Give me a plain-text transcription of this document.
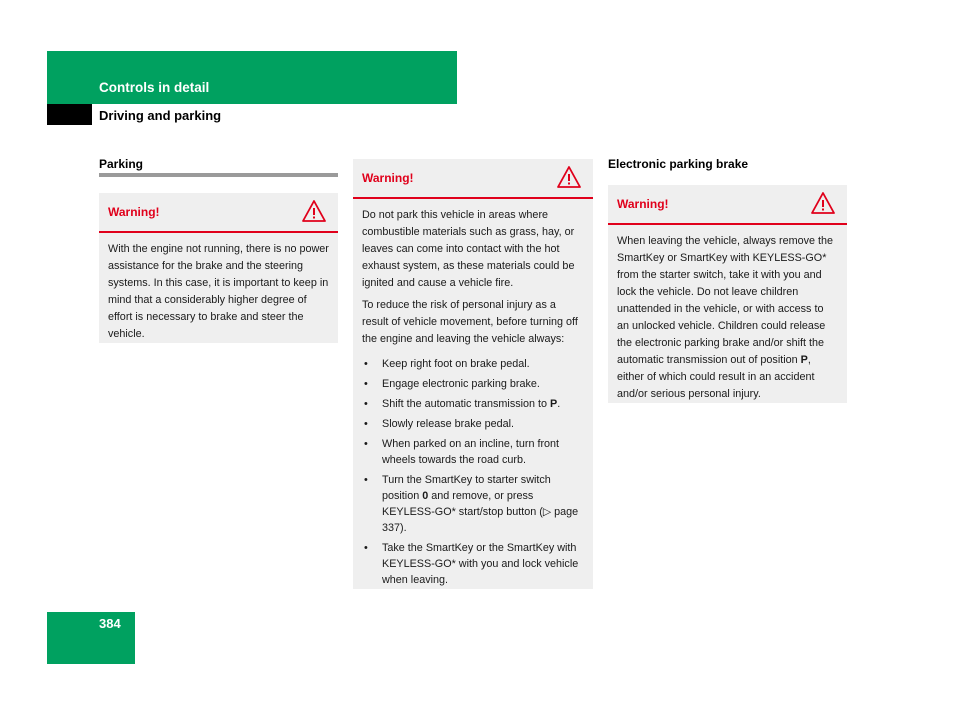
Controls in detail
Driving and parking
Parking
Warning!

With the engine not running, there is no power assistance for the brake and the steering systems. In this case, it is important to keep in mind that a considerably higher degree of effort is necessary to brake and steer the vehicle.

Warning!

Do not park this vehicle in areas where combustible materials such as grass, hay, or leaves can come into contact with the hot exhaust system, as these materials could be ignited and cause a vehicle fire.

To reduce the risk of personal injury as a result of vehicle movement, before turning off the engine and leaving the vehicle always:

• Keep right foot on brake pedal.
• Engage electronic parking brake.
• Shift the automatic transmission to P.
• Slowly release brake pedal.
• When parked on an incline, turn front wheels towards the road curb.
• Turn the SmartKey to starter switch position 0 and remove, or press KEYLESS-GO* start/stop button (▷ page 337).
• Take the SmartKey or the SmartKey with KEYLESS-GO* with you and lock vehicle when leaving.
Electronic parking brake
Warning!

When leaving the vehicle, always remove the SmartKey or SmartKey with KEYLESS-GO* from the starter switch, take it with you and lock the vehicle. Do not leave children unattended in the vehicle, or with access to an unlocked vehicle. Children could release the electronic parking brake and/or shift the automatic transmission out of position P, either of which could result in an accident and/or serious personal injury.

384
